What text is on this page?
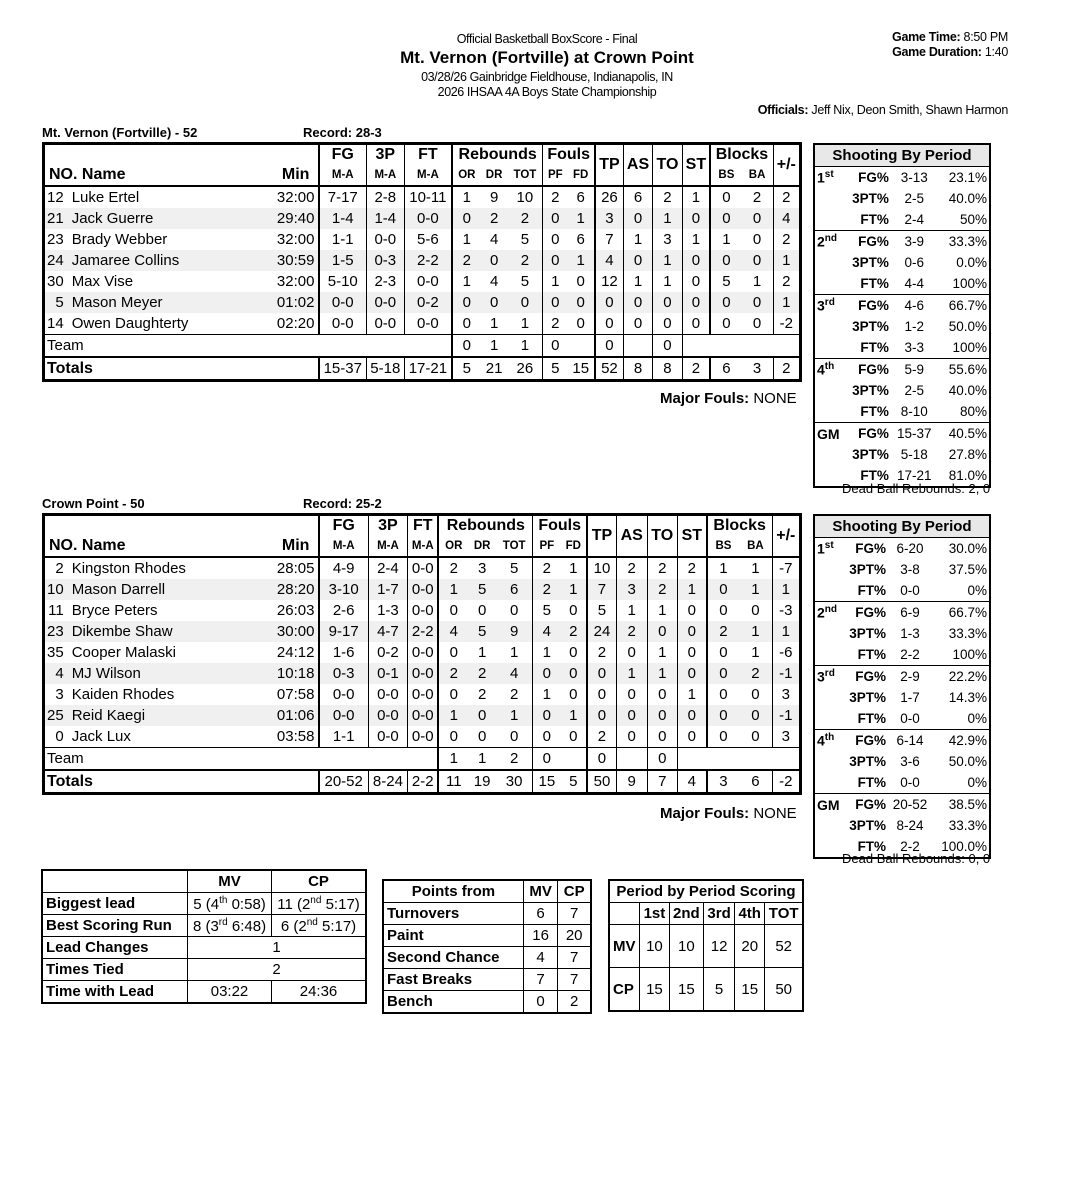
Official Basketball BoxScore - Final
Mt. Vernon (Fortville) at Crown Point
03/28/26 Gainbridge Fieldhouse, Indianapolis, IN
2026 IHSAA 4A Boys State Championship
Game Time: 8:50 PM
Game Duration: 1:40
Officials: Jeff Nix, Deon Smith, Shawn Harmon
Mt. Vernon (Fortville) - 52	Record: 28-3
			FG	3P	FT	Rebounds			Fouls		TP	AS	TO	ST	Blocks		+/-
NO. Name		Min	M-A	M-A	M-A	OR	DR	TOT	PF	FD					BS	BA	
12	Luke Ertel	32:00	7-17	2-8	10-11	1	9	10	2	6	26	6	2	1	0	2	2
21	Jack Guerre	29:40	1-4	1-4	0-0	0	2	2	0	1	3	0	1	0	0	0	4
23	Brady Webber	32:00	1-1	0-0	5-6	1	4	5	0	6	7	1	3	1	1	0	2
24	Jamaree Collins	30:59	1-5	0-3	2-2	2	0	2	0	1	4	0	1	0	0	0	1
30	Max Vise	32:00	5-10	2-3	0-0	1	4	5	1	0	12	1	1	0	5	1	2
5	Mason Meyer	01:02	0-0	0-0	0-2	0	0	0	0	0	0	0	0	0	0	0	1
14	Owen Daughterty	02:20	0-0	0-0	0-0	0	1	1	2	0	0	0	0	0	0	0	-2
Team						0	1	1	0		0		0				
Totals			15-37	5-18	17-21	5	21	26	5	15	52	8	8	2	6	3	2
Major Fouls: NONE
Shooting By Period			
1st	FG%	3-13	23.1%
	3PT%	2-5	40.0%
	FT%	2-4	50%
2nd	FG%	3-9	33.3%
	3PT%	0-6	0.0%
	FT%	4-4	100%
3rd	FG%	4-6	66.7%
	3PT%	1-2	50.0%
	FT%	3-3	100%
4th	FG%	5-9	55.6%
	3PT%	2-5	40.0%
	FT%	8-10	80%
GM	FG%	15-37	40.5%
	3PT%	5-18	27.8%
	FT%	17-21	81.0%
Dead Ball Rebounds: 2, 0
Crown Point - 50	Record: 25-2
			FG	3P	FT	Rebounds			Fouls		TP	AS	TO	ST	Blocks		+/-
NO. Name		Min	M-A	M-A	M-A	OR	DR	TOT	PF	FD					BS	BA	
2	Kingston Rhodes	28:05	4-9	2-4	0-0	2	3	5	2	1	10	2	2	2	1	1	-7
10	Mason Darrell	28:20	3-10	1-7	0-0	1	5	6	2	1	7	3	2	1	0	1	1
11	Bryce Peters	26:03	2-6	1-3	0-0	0	0	0	5	0	5	1	1	0	0	0	-3
23	Dikembe Shaw	30:00	9-17	4-7	2-2	4	5	9	4	2	24	2	0	0	2	1	1
35	Cooper Malaski	24:12	1-6	0-2	0-0	0	1	1	1	0	2	0	1	0	0	1	-6
4	MJ Wilson	10:18	0-3	0-1	0-0	2	2	4	0	0	0	1	1	0	0	2	-1
3	Kaiden Rhodes	07:58	0-0	0-0	0-0	0	2	2	1	0	0	0	0	1	0	0	3
25	Reid Kaegi	01:06	0-0	0-0	0-0	1	0	1	0	1	0	0	0	0	0	0	-1
0	Jack Lux	03:58	1-1	0-0	0-0	0	0	0	0	0	2	0	0	0	0	0	3
Team						1	1	2	0		0		0				
Totals			20-52	8-24	2-2	11	19	30	15	5	50	9	7	4	3	6	-2
Major Fouls: NONE
Shooting By Period			
1st	FG%	6-20	30.0%
	3PT%	3-8	37.5%
	FT%	0-0	0%
2nd	FG%	6-9	66.7%
	3PT%	1-3	33.3%
	FT%	2-2	100%
3rd	FG%	2-9	22.2%
	3PT%	1-7	14.3%
	FT%	0-0	0%
4th	FG%	6-14	42.9%
	3PT%	3-6	50.0%
	FT%	0-0	0%
GM	FG%	20-52	38.5%
	3PT%	8-24	33.3%
	FT%	2-2	100.0%
Dead Ball Rebounds: 0, 0
	MV	CP
Biggest lead	5 (4th 0:58)	11 (2nd 5:17)
Best Scoring Run	8 (3rd 6:48)	6 (2nd 5:17)
Lead Changes	1	
Times Tied	2	
Time with Lead	03:22	24:36
Points from	MV	CP
Turnovers	6	7
Paint	16	20
Second Chance	4	7
Fast Breaks	7	7
Bench	0	2
Period by Period Scoring					
	1st	2nd	3rd	4th	TOT
MV	10	10	12	20	52
CP	15	15	5	15	50
